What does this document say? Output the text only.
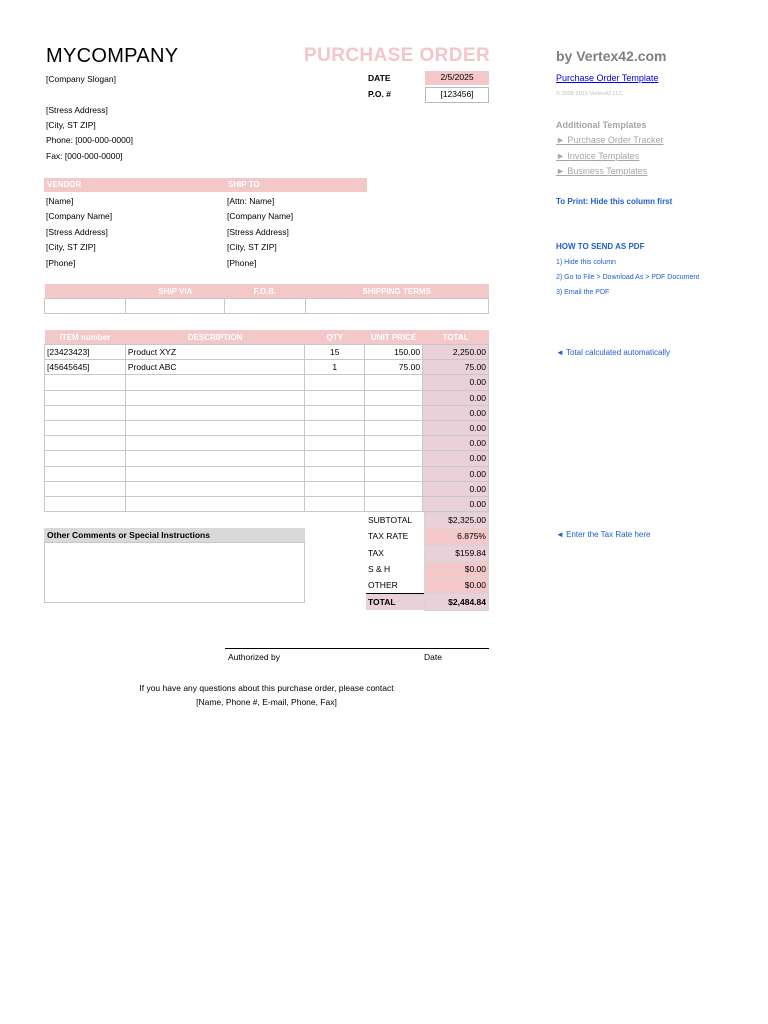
MYCOMPANY	PURCHASE ORDER
[Company Slogan]	DATE	2/5/2025
P.O. #	[123456]
[Stress Address]
[City, ST ZIP]
Phone: [000-000-0000]
Fax: [000-000-0000]
VENDOR	SHIP TO
[Name]
[Company Name]
[Stress Address]
[City, ST ZIP]
[Phone]
[Attn: Name]
[Company Name]
[Stress Address]
[City, ST ZIP]
[Phone]
	SHIP VIA	F.O.B.	SHIPPING TERMS

ITEM number	DESCRIPTION	QTY	UNIT PRICE	TOTAL
[23423423]	Product XYZ	15	150.00	2,250.00
[45645645]	Product ABC	1	75.00	75.00
				0.00
				0.00
				0.00
				0.00
				0.00
				0.00
				0.00
				0.00
				0.00
Other Comments or Special Instructions
SUBTOTAL	$2,325.00
TAX RATE	6.875%
TAX	$159.84
S & H	$0.00
OTHER	$0.00
TOTAL	$2,484.84
Authorized by	Date
If you have any questions about this purchase order, please contact
[Name, Phone #, E-mail, Phone, Fax]
by Vertex42.com
Purchase Order Template
© 2008-2019 Vertex42 LLC
Additional Templates
► Purchase Order Tracker
► Invoice Templates
► Business Templates
To Print: Hide this column first
HOW TO SEND AS PDF
1) Hide this column
2) Go to File > Download As > PDF Document
3) Email the PDF
◄ Total calculated automatically
◄ Enter the Tax Rate here
